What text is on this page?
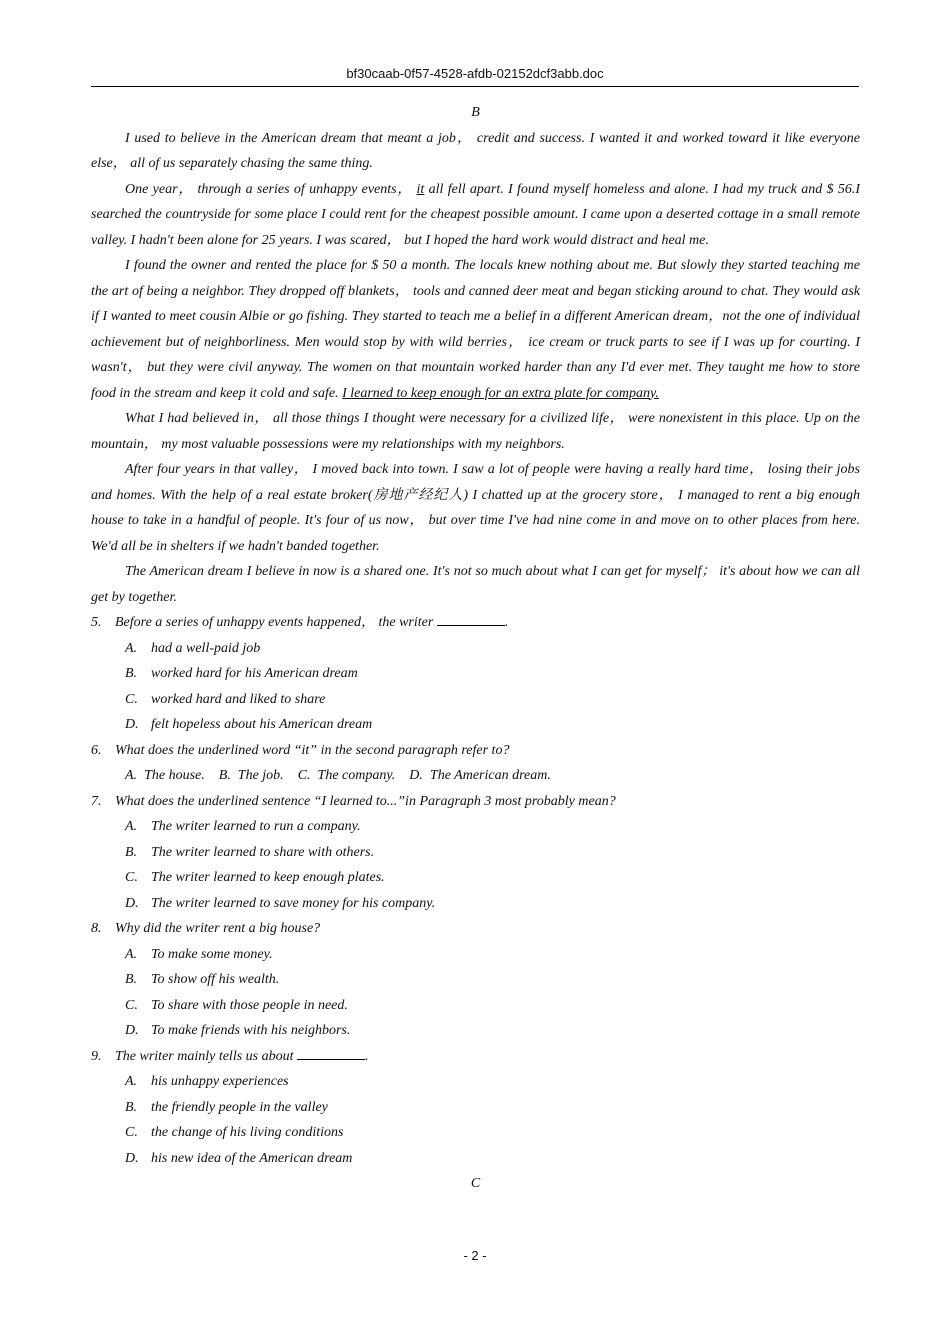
bf30caab-0f57-4528-afdb-02152dcf3abb.doc

B

I used to believe in the American dream that meant a job， credit and success. I wanted it and worked toward it like everyone else， all of us separately chasing the same thing.

One year， through a series of unhappy events， it all fell apart. I found myself homeless and alone. I had my truck and $ 56.I searched the countryside for some place I could rent for the cheapest possible amount. I came upon a deserted cottage in a small remote valley. I hadn't been alone for 25 years. I was scared， but I hoped the hard work would distract and heal me.

I found the owner and rented the place for $ 50 a month. The locals knew nothing about me. But slowly they started teaching me the art of being a neighbor. They dropped off blankets， tools and canned deer meat and began sticking around to chat. They would ask if I wanted to meet cousin Albie or go fishing. They started to teach me a belief in a different American dream，not the one of individual achievement but of neighborliness. Men would stop by with wild berries， ice cream or truck parts to see if I was up for courting. I wasn't， but they were civil anyway. The women on that mountain worked harder than any I'd ever met. They taught me how to store food in the stream and keep it cold and safe. I learned to keep enough for an extra plate for company.

What I had believed in， all those things I thought were necessary for a civilized life， were nonexistent in this place. Up on the mountain， my most valuable possessions were my relationships with my neighbors.

After four years in that valley， I moved back into town. I saw a lot of people were having a really hard time， losing their jobs and homes. With the help of a real estate broker(房地产经纪人) I chatted up at the grocery store， I managed to rent a big enough house to take in a handful of people. It's four of us now， but over time I've had nine come in and move on to other places from here. We'd all be in shelters if we hadn't banded together.

The American dream I believe in now is a shared one. It's not so much about what I can get for myself； it's about how we can all get by together.

5. Before a series of unhappy events happened， the writer	.

A. had a well-paid job

B. worked hard for his American dream

C. worked hard and liked to share

D. felt hopeless about his American dream

6. What does the underlined word “it” in the second paragraph refer to?

A. The house. B. The job. C. The company. D. The American dream.

7. What does the underlined sentence “I learned to...”in Paragraph 3 most probably mean?

A. The writer learned to run a company.

B. The writer learned to share with others.

C. The writer learned to keep enough plates.

D. The writer learned to save money for his company.

8. Why did the writer rent a big house?

A. To make some money.

B. To show off his wealth.

C. To share with those people in need.

D. To make friends with his neighbors.

9. The writer mainly tells us about	.

A. his unhappy experiences

B. the friendly people in the valley

C. the change of his living conditions

D. his new idea of the American dream

C

- 2 -
